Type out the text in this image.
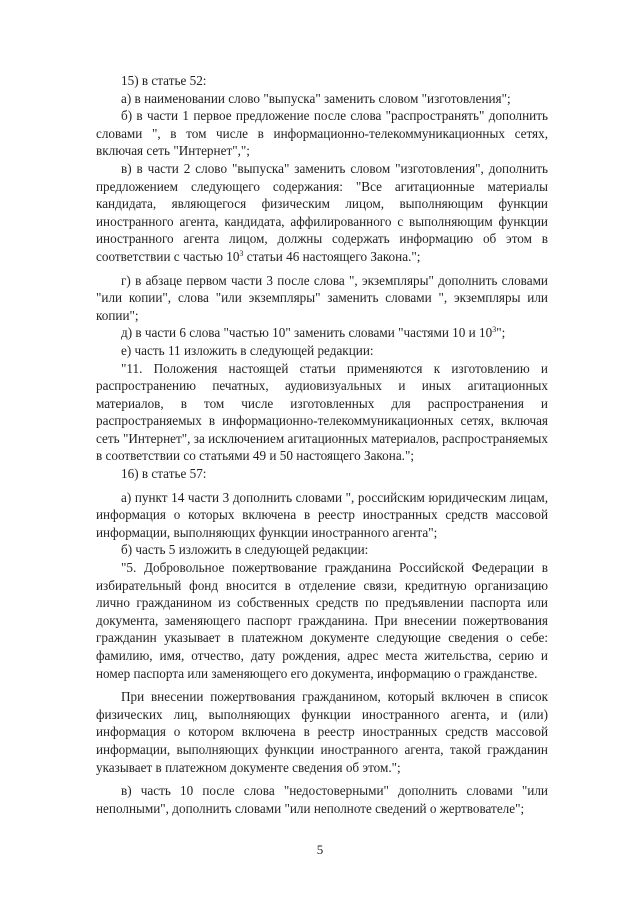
15) в статье 52:

а) в наименовании слово "выпуска" заменить словом "изготовления";

б) в части 1 первое предложение после слова "распространять" дополнить словами ", в том числе в информационно-телекоммуникационных сетях, включая сеть "Интернет",";

в) в части 2 слово "выпуска" заменить словом "изготовления", дополнить предложением следующего содержания: "Все агитационные материалы кандидата, являющегося физическим лицом, выполняющим функции иностранного агента, кандидата, аффилированного с выполняющим функции иностранного агента лицом, должны содержать информацию об этом в соответствии с частью $10^3$ статьи 46 настоящего Закона.";

г) в абзаце первом части 3 после слова ", экземпляры" дополнить словами "или копии", слова "или экземпляры" заменить словами ", экземпляры или копии";

д) в части 6 слова "частью 10" заменить словами "частями 10 и $10^3$";

е) часть 11 изложить в следующей редакции:

"11. Положения настоящей статьи применяются к изготовлению и распространению печатных, аудиовизуальных и иных агитационных материалов, в том числе изготовленных для распространения и распространяемых в информационно-телекоммуникационных сетях, включая сеть "Интернет", за исключением агитационных материалов, распространяемых в соответствии со статьями 49 и 50 настоящего Закона.";

16) в статье 57:

а) пункт 14 части 3 дополнить словами ", российским юридическим лицам, информация о которых включена в реестр иностранных средств массовой информации, выполняющих функции иностранного агента";

б) часть 5 изложить в следующей редакции:

"5. Добровольное пожертвование гражданина Российской Федерации в избирательный фонд вносится в отделение связи, кредитную организацию лично гражданином из собственных средств по предъявлении паспорта или документа, заменяющего паспорт гражданина. При внесении пожертвования гражданин указывает в платежном документе следующие сведения о себе: фамилию, имя, отчество, дату рождения, адрес места жительства, серию и номер паспорта или заменяющего его документа, информацию о гражданстве.

При внесении пожертвования гражданином, который включен в список физических лиц, выполняющих функции иностранного агента, и (или) информация о котором включена в реестр иностранных средств массовой информации, выполняющих функции иностранного агента, такой гражданин указывает в платежном документе сведения об этом.";

в) часть 10 после слова "недостоверными" дополнить словами "или неполными", дополнить словами "или неполноте сведений о жертвователе";

5
